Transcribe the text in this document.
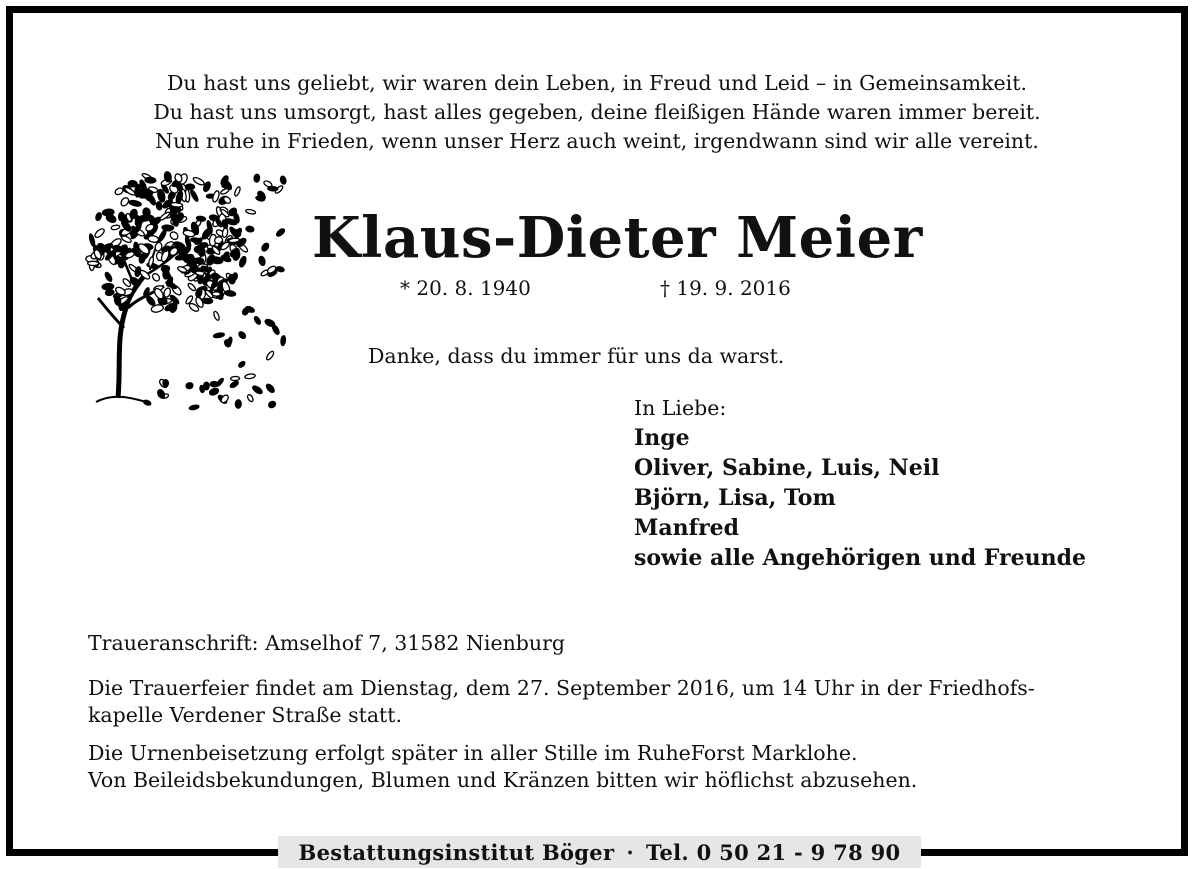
Du hast uns geliebt, wir waren dein Leben, in Freud und Leid – in Gemeinsamkeit.
Du hast uns umsorgt, hast alles gegeben, deine fleißigen Hände waren immer bereit.
Nun ruhe in Frieden, wenn unser Herz auch weint, irgendwann sind wir alle vereint.
Klaus-Dieter Meier
* 20. 8. 1940	† 19. 9. 2016
Danke, dass du immer für uns da warst.
In Liebe:
Inge
Oliver, Sabine, Luis, Neil
Björn, Lisa, Tom
Manfred
sowie alle Angehörigen und Freunde
Traueranschrift: Amselhof 7, 31582 Nienburg
Die Trauerfeier findet am Dienstag, dem 27. September 2016, um 14 Uhr in der Friedhofs-
kapelle Verdener Straße statt.
Die Urnenbeisetzung erfolgt später in aller Stille im RuheForst Marklohe.
Von Beileidsbekundungen, Blumen und Kränzen bitten wir höflichst abzusehen.
Bestattungsinstitut Böger · Tel. 0 50 21 - 9 78 90
